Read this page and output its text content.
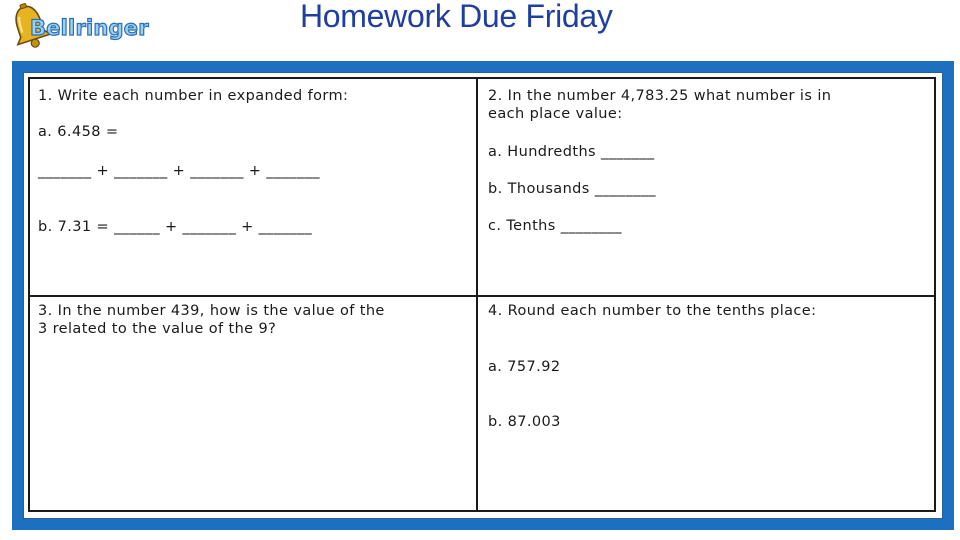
Bellringer	Homework Due Friday
1. Write each number in expanded form:
a. 6.458 =
_______ + _______ + _______ + _______
b. 7.31 = ______ + _______ + _______
2. In the number 4,783.25 what number is in
each place value:
a. Hundredths _______
b. Thousands ________
c. Tenths ________
3. In the number 439, how is the value of the
3 related to the value of the 9?
4. Round each number to the tenths place:
a. 757.92
b. 87.003
